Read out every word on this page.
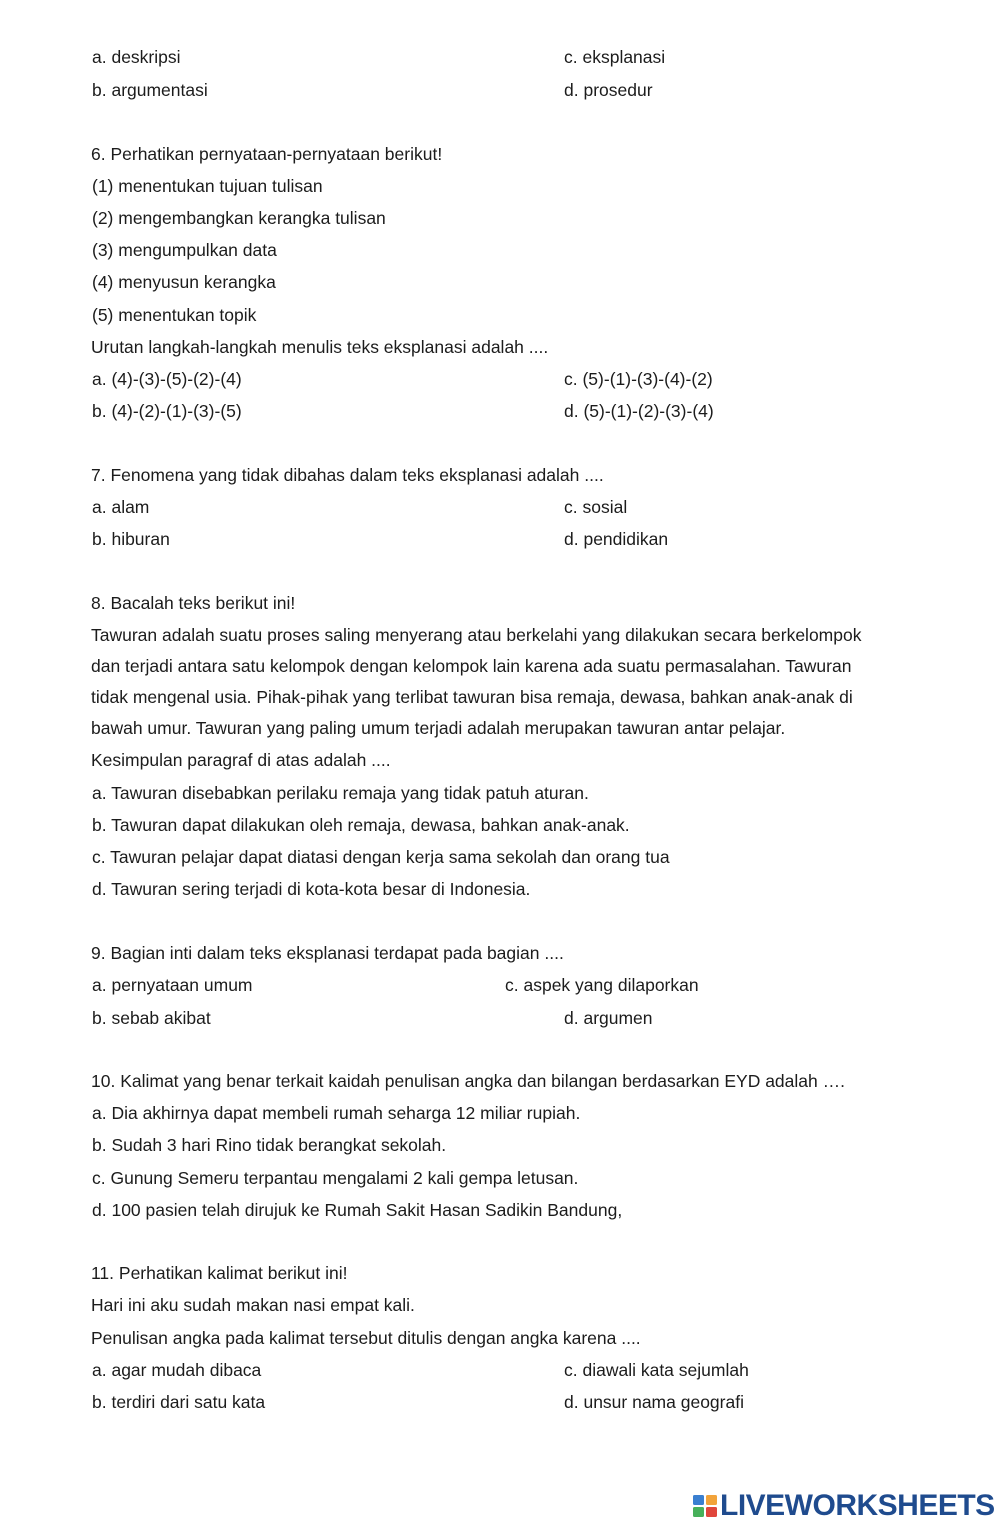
a. deskripsi	c. eksplanasi
b. argumentasi	d. prosedur
6. Perhatikan pernyataan-pernyataan berikut!
(1) menentukan tujuan tulisan
(2) mengembangkan kerangka tulisan
(3) mengumpulkan data
(4) menyusun kerangka
(5) menentukan topik
Urutan langkah-langkah menulis teks eksplanasi adalah ....
a. (4)-(3)-(5)-(2)-(4)	c. (5)-(1)-(3)-(4)-(2)
b. (4)-(2)-(1)-(3)-(5)	d. (5)-(1)-(2)-(3)-(4)
7. Fenomena yang tidak dibahas dalam teks eksplanasi adalah ....
a. alam	c. sosial
b. hiburan	d. pendidikan
8. Bacalah teks berikut ini!
Tawuran adalah suatu proses saling menyerang atau berkelahi yang dilakukan secara berkelompok
dan terjadi antara satu kelompok dengan kelompok lain karena ada suatu permasalahan. Tawuran
tidak mengenal usia. Pihak-pihak yang terlibat tawuran bisa remaja, dewasa, bahkan anak-anak di
bawah umur. Tawuran yang paling umum terjadi adalah merupakan tawuran antar pelajar.
Kesimpulan paragraf di atas adalah ....
a. Tawuran disebabkan perilaku remaja yang tidak patuh aturan.
b. Tawuran dapat dilakukan oleh remaja, dewasa, bahkan anak-anak.
c. Tawuran pelajar dapat diatasi dengan kerja sama sekolah dan orang tua
d. Tawuran sering terjadi di kota-kota besar di Indonesia.
9. Bagian inti dalam teks eksplanasi terdapat pada bagian ....
a. pernyataan umum	c. aspek yang dilaporkan
b. sebab akibat	d. argumen
10. Kalimat yang benar terkait kaidah penulisan angka dan bilangan berdasarkan EYD adalah ….
a. Dia akhirnya dapat membeli rumah seharga 12 miliar rupiah.
b. Sudah 3 hari Rino tidak berangkat sekolah.
c. Gunung Semeru terpantau mengalami 2 kali gempa letusan.
d. 100 pasien telah dirujuk ke Rumah Sakit Hasan Sadikin Bandung,
11. Perhatikan kalimat berikut ini!
Hari ini aku sudah makan nasi empat kali.
Penulisan angka pada kalimat tersebut ditulis dengan angka karena ....
a. agar mudah dibaca	c. diawali kata sejumlah
b. terdiri dari satu kata	d. unsur nama geografi
LIVEWORKSHEETS
